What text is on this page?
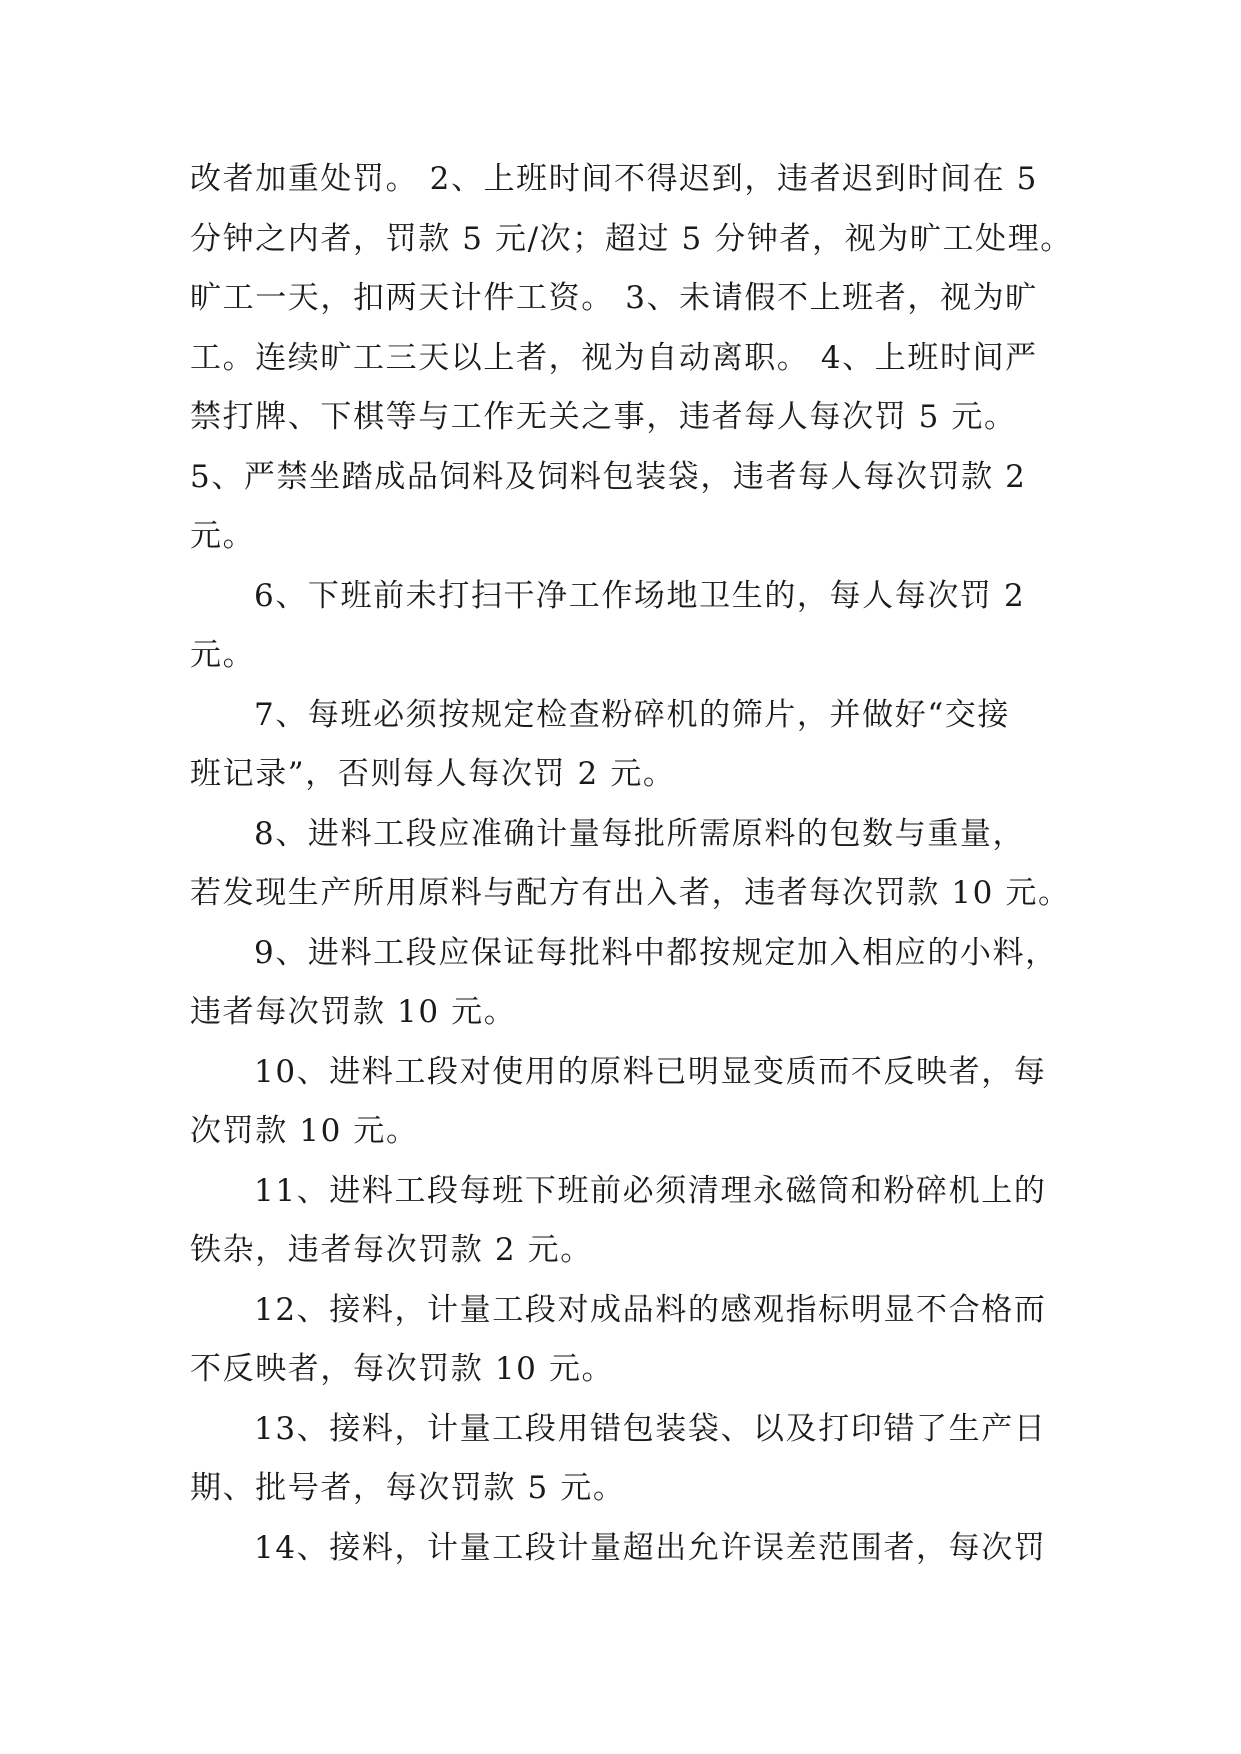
改者加重处罚。 2、上班时间不得迟到，违者迟到时间在 5
分钟之内者，罚款 5 元/次；超过 5 分钟者，视为旷工处理。
旷工一天，扣两天计件工资。 3、未请假不上班者，视为旷
工。连续旷工三天以上者，视为自动离职。 4、上班时间严
禁打牌、下棋等与工作无关之事，违者每人每次罚 5 元。
5、严禁坐踏成品饲料及饲料包装袋，违者每人每次罚款 2
元。

6、下班前未打扫干净工作场地卫生的，每人每次罚 2
元。

7、每班必须按规定检查粉碎机的筛片，并做好“交接
班记录”，否则每人每次罚 2 元。

8、进料工段应准确计量每批所需原料的包数与重量，
若发现生产所用原料与配方有出入者，违者每次罚款 10 元。

9、进料工段应保证每批料中都按规定加入相应的小料，
违者每次罚款 10 元。

10、进料工段对使用的原料已明显变质而不反映者，每
次罚款 10 元。

11、进料工段每班下班前必须清理永磁筒和粉碎机上的
铁杂，违者每次罚款 2 元。

12、接料，计量工段对成品料的感观指标明显不合格而
不反映者，每次罚款 10 元。

13、接料，计量工段用错包装袋、以及打印错了生产日
期、批号者，每次罚款 5 元。

14、接料，计量工段计量超出允许误差范围者，每次罚
